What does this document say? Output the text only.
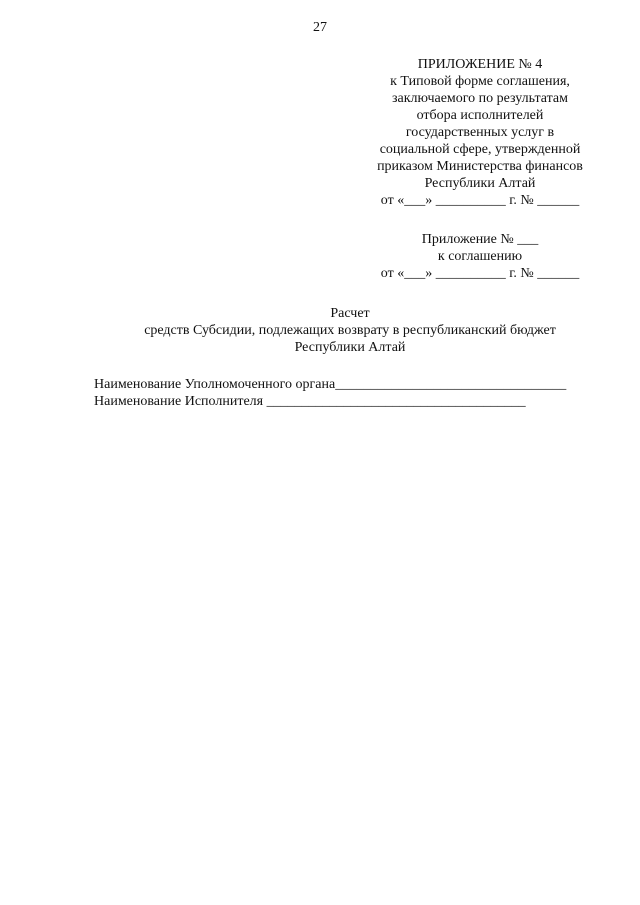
27
ПРИЛОЖЕНИЕ № 4
к Типовой форме соглашения,
заключаемого по результатам
отбора исполнителей
государственных услуг в
социальной сфере, утвержденной
приказом Министерства финансов
Республики Алтай
от «___» __________ г. № ______
Приложение № ___
к соглашению
от «___» __________ г. № ______
Расчет
средств Субсидии, подлежащих возврату в республиканский бюджет
Республики Алтай
Наименование Уполномоченного органа_________________________________
Наименование Исполнителя _____________________________________
